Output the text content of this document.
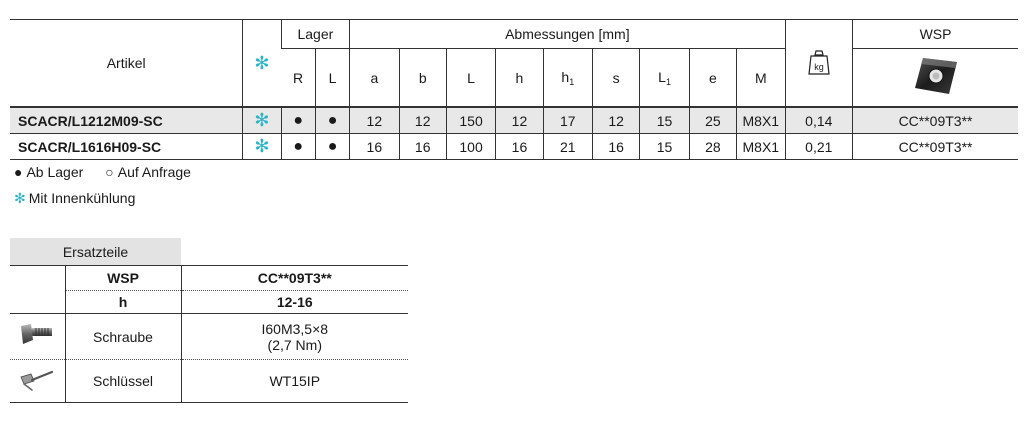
Artikel	✻	Lager		Abmessungen [mm]									kg	WSP
		R	L	a	b	L	h	$h_1$	s	$L_1$	e	M	
SCACR/L1212M09-SC	✻	●	●	12	12	150	12	17	12	15	25	M8X1	0,14	CC**09T3**
SCACR/L1616H09-SC	✻	●	●	16	16	100	16	21	16	15	28	M8X1	0,21	CC**09T3**
● Ab Lager ○ Auf Anfrage
✻ Mit Innenkühlung
Ersatzteile		
	WSP	CC**09T3**
	h	12-16
	Schraube	I60M3,5×8
(2,7 Nm)

	Schlüssel	WT15IP
